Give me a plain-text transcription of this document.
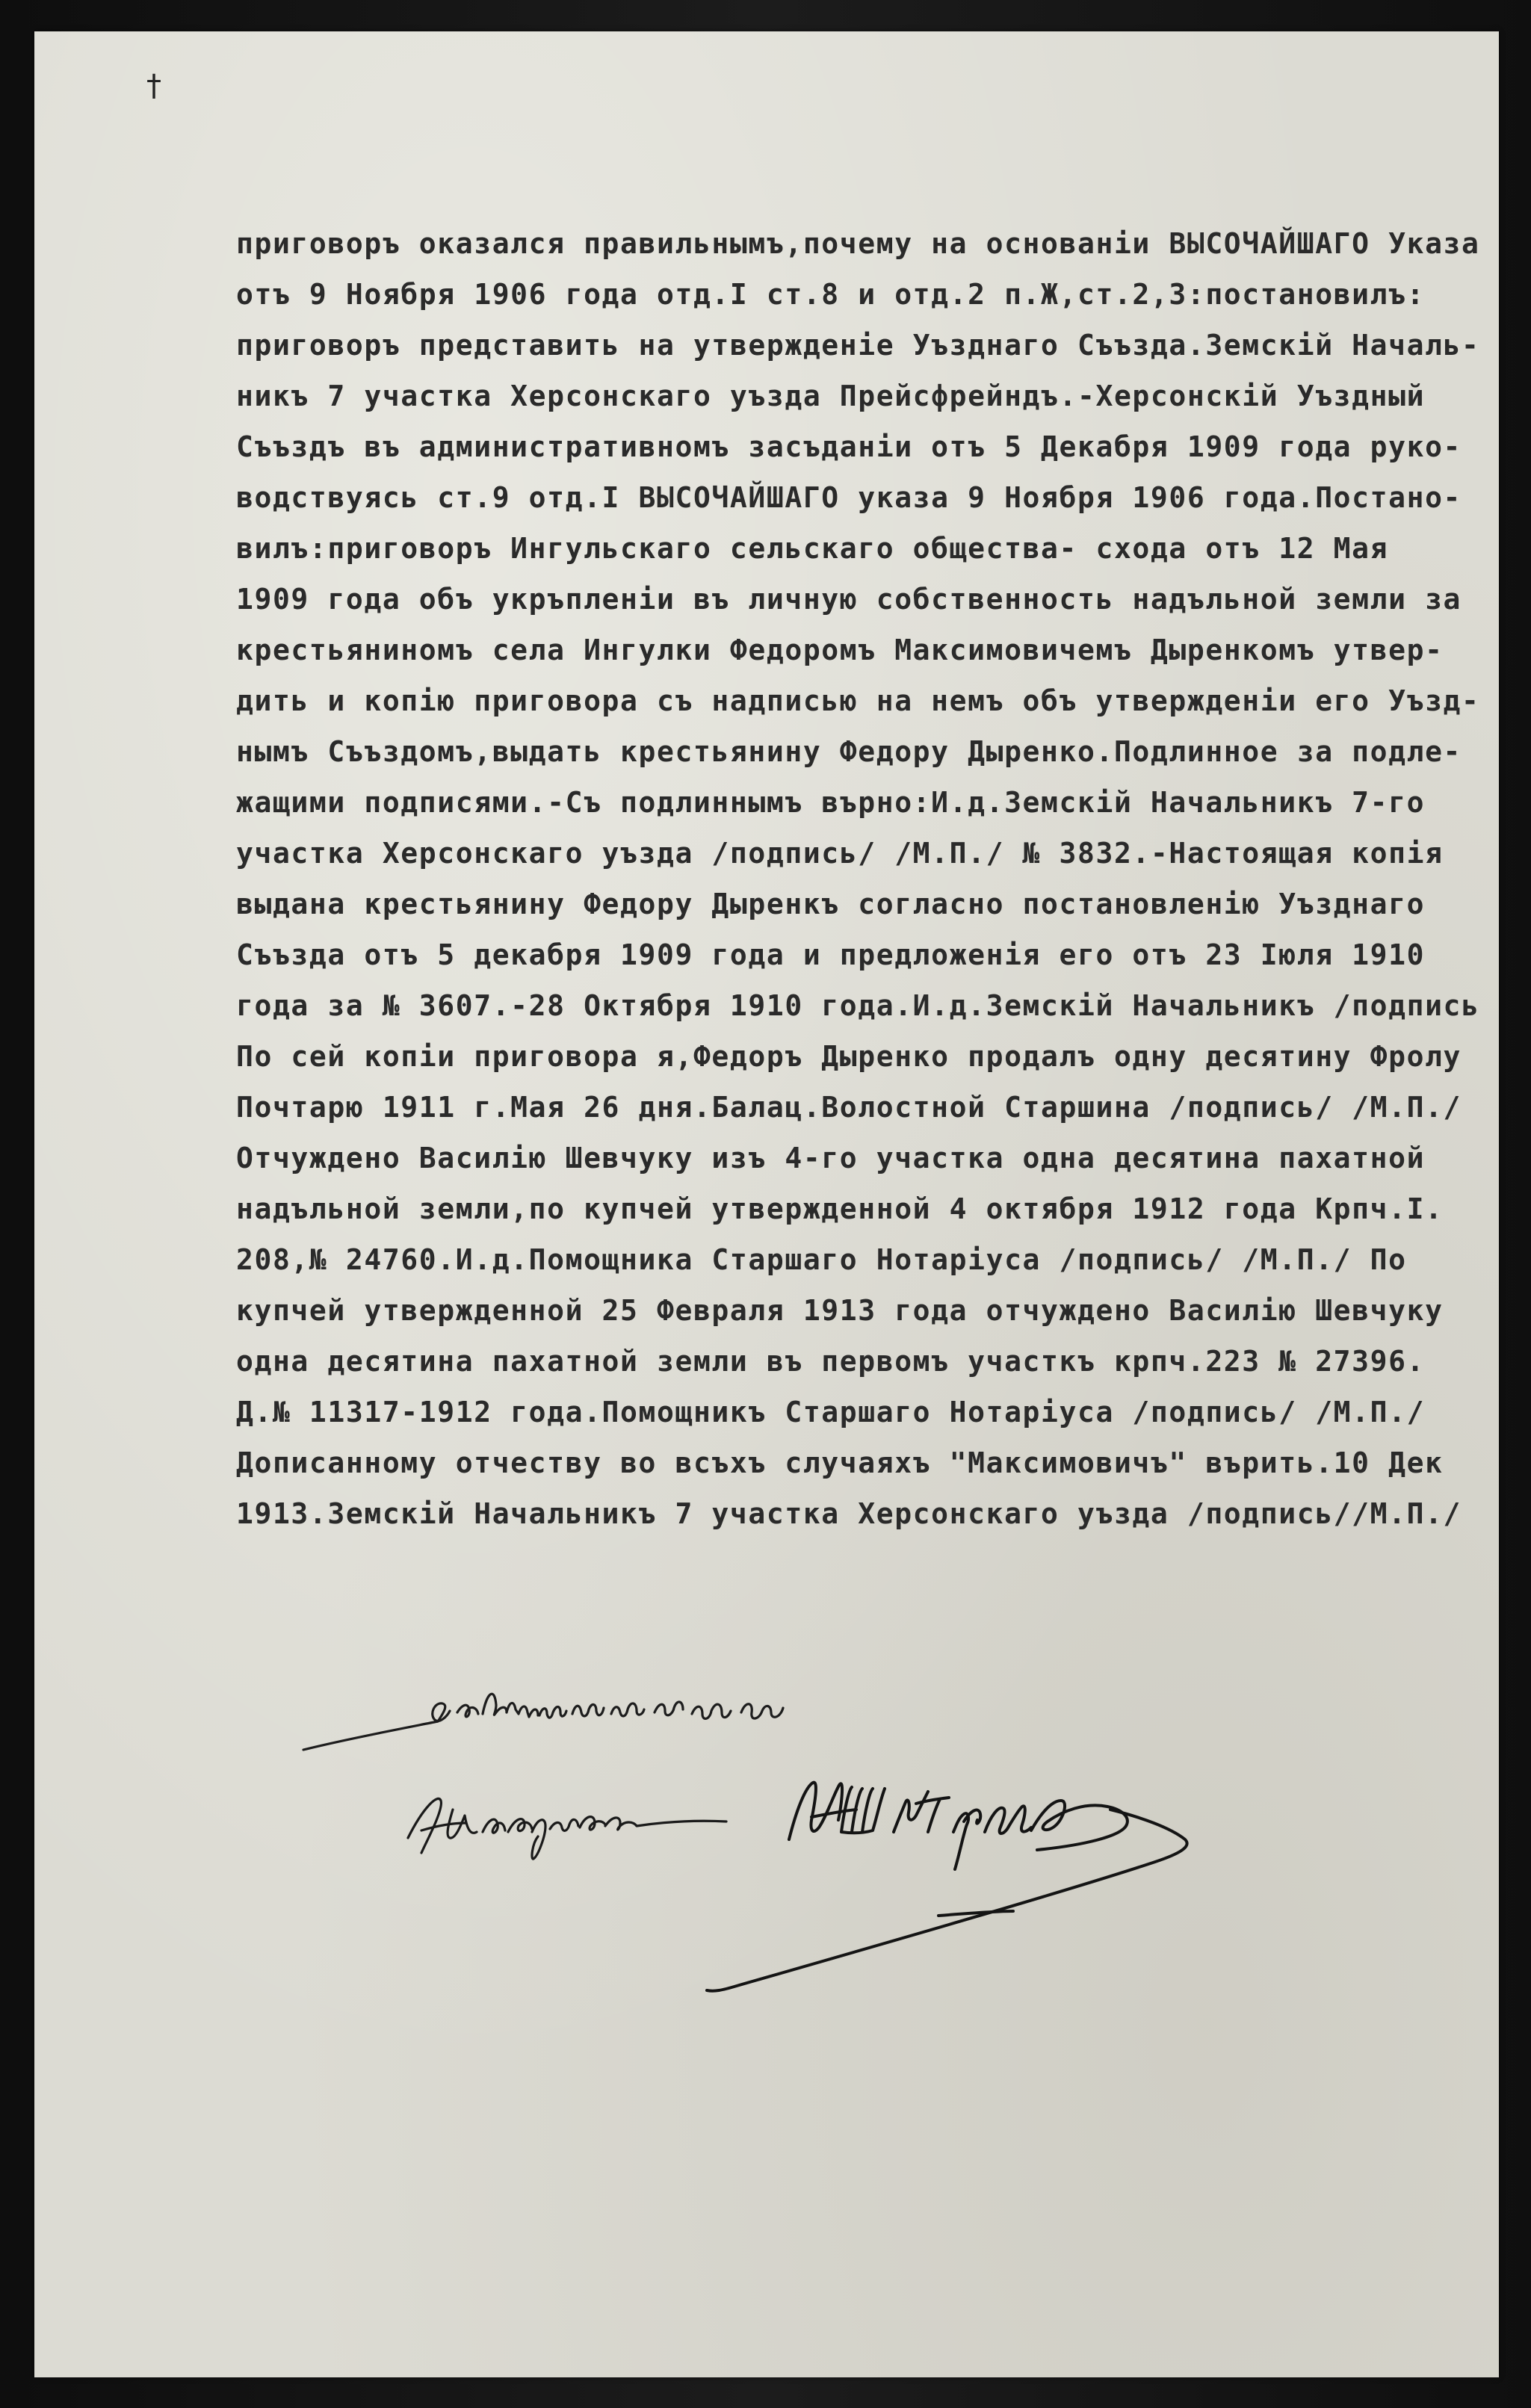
†
приговоръ оказался правильнымъ,почему на основанiи ВЫСОЧАЙШАГО Указа
отъ 9 Ноября 1906 года отд.I ст.8 и отд.2 п.Ж,ст.2,3:постановилъ:
приговоръ представить на утвержденiе Уъзднаго Съъзда.Земскiй Началь-
никъ 7 участка Херсонскаго уъзда Прейсфрейндъ.-Херсонскiй Уъздный
Съъздъ въ административномъ засъданiи отъ 5 Декабря 1909 года руко-
водствуясь ст.9 отд.I ВЫСОЧАЙШАГО указа 9 Ноября 1906 года.Постано-
вилъ:приговоръ Ингульскаго сельскаго общества- схода отъ 12 Мая
1909 года объ укръпленiи въ личную собственность надъльной земли за
крестьяниномъ села Ингулки Федоромъ Максимовичемъ Дыренкомъ утвер-
дить и копiю приговора съ надписью на немъ объ утвержденiи его Уъзд-
нымъ Съъздомъ,выдать крестьянину Федору Дыренко.Подлинное за подле-
жащими подписями.-Съ подлиннымъ върно:И.д.Земскiй Начальникъ 7-го
участка Херсонскаго уъзда /подпись/ /М.П./ № 3832.-Настоящая копiя
выдана крестьянину Федору Дыренкъ согласно постановленiю Уъзднаго
Съъзда отъ 5 декабря 1909 года и предложенiя его отъ 23 Iюля 1910
года за № 3607.-28 Октября 1910 года.И.д.Земскiй Начальникъ /подпись
По сей копiи приговора я,Федоръ Дыренко продалъ одну десятину Фролу
Почтарю 1911 г.Мая 26 дня.Балац.Волостной Старшина /подпись/ /М.П./
Отчуждено Василiю Шевчуку изъ 4-го участка одна десятина пахатной
надъльной земли,по купчей утвержденной 4 октября 1912 года Крпч.I.
208,№ 24760.И.д.Помощника Старшаго Нотарiуса /подпись/ /М.П./ По
купчей утвержденной 25 Февраля 1913 года отчуждено Василiю Шевчуку
одна десятина пахатной земли въ первомъ участкъ крпч.223 № 27396.
Д.№ 11317-1912 года.Помощникъ Старшаго Нотарiуса /подпись/ /М.П./
Дописанному отчеству во всъхъ случаяхъ "Максимовичъ" върить.10 Дек
1913.Земскiй Начальникъ 7 участка Херсонскаго уъзда /подпись//М.П./
